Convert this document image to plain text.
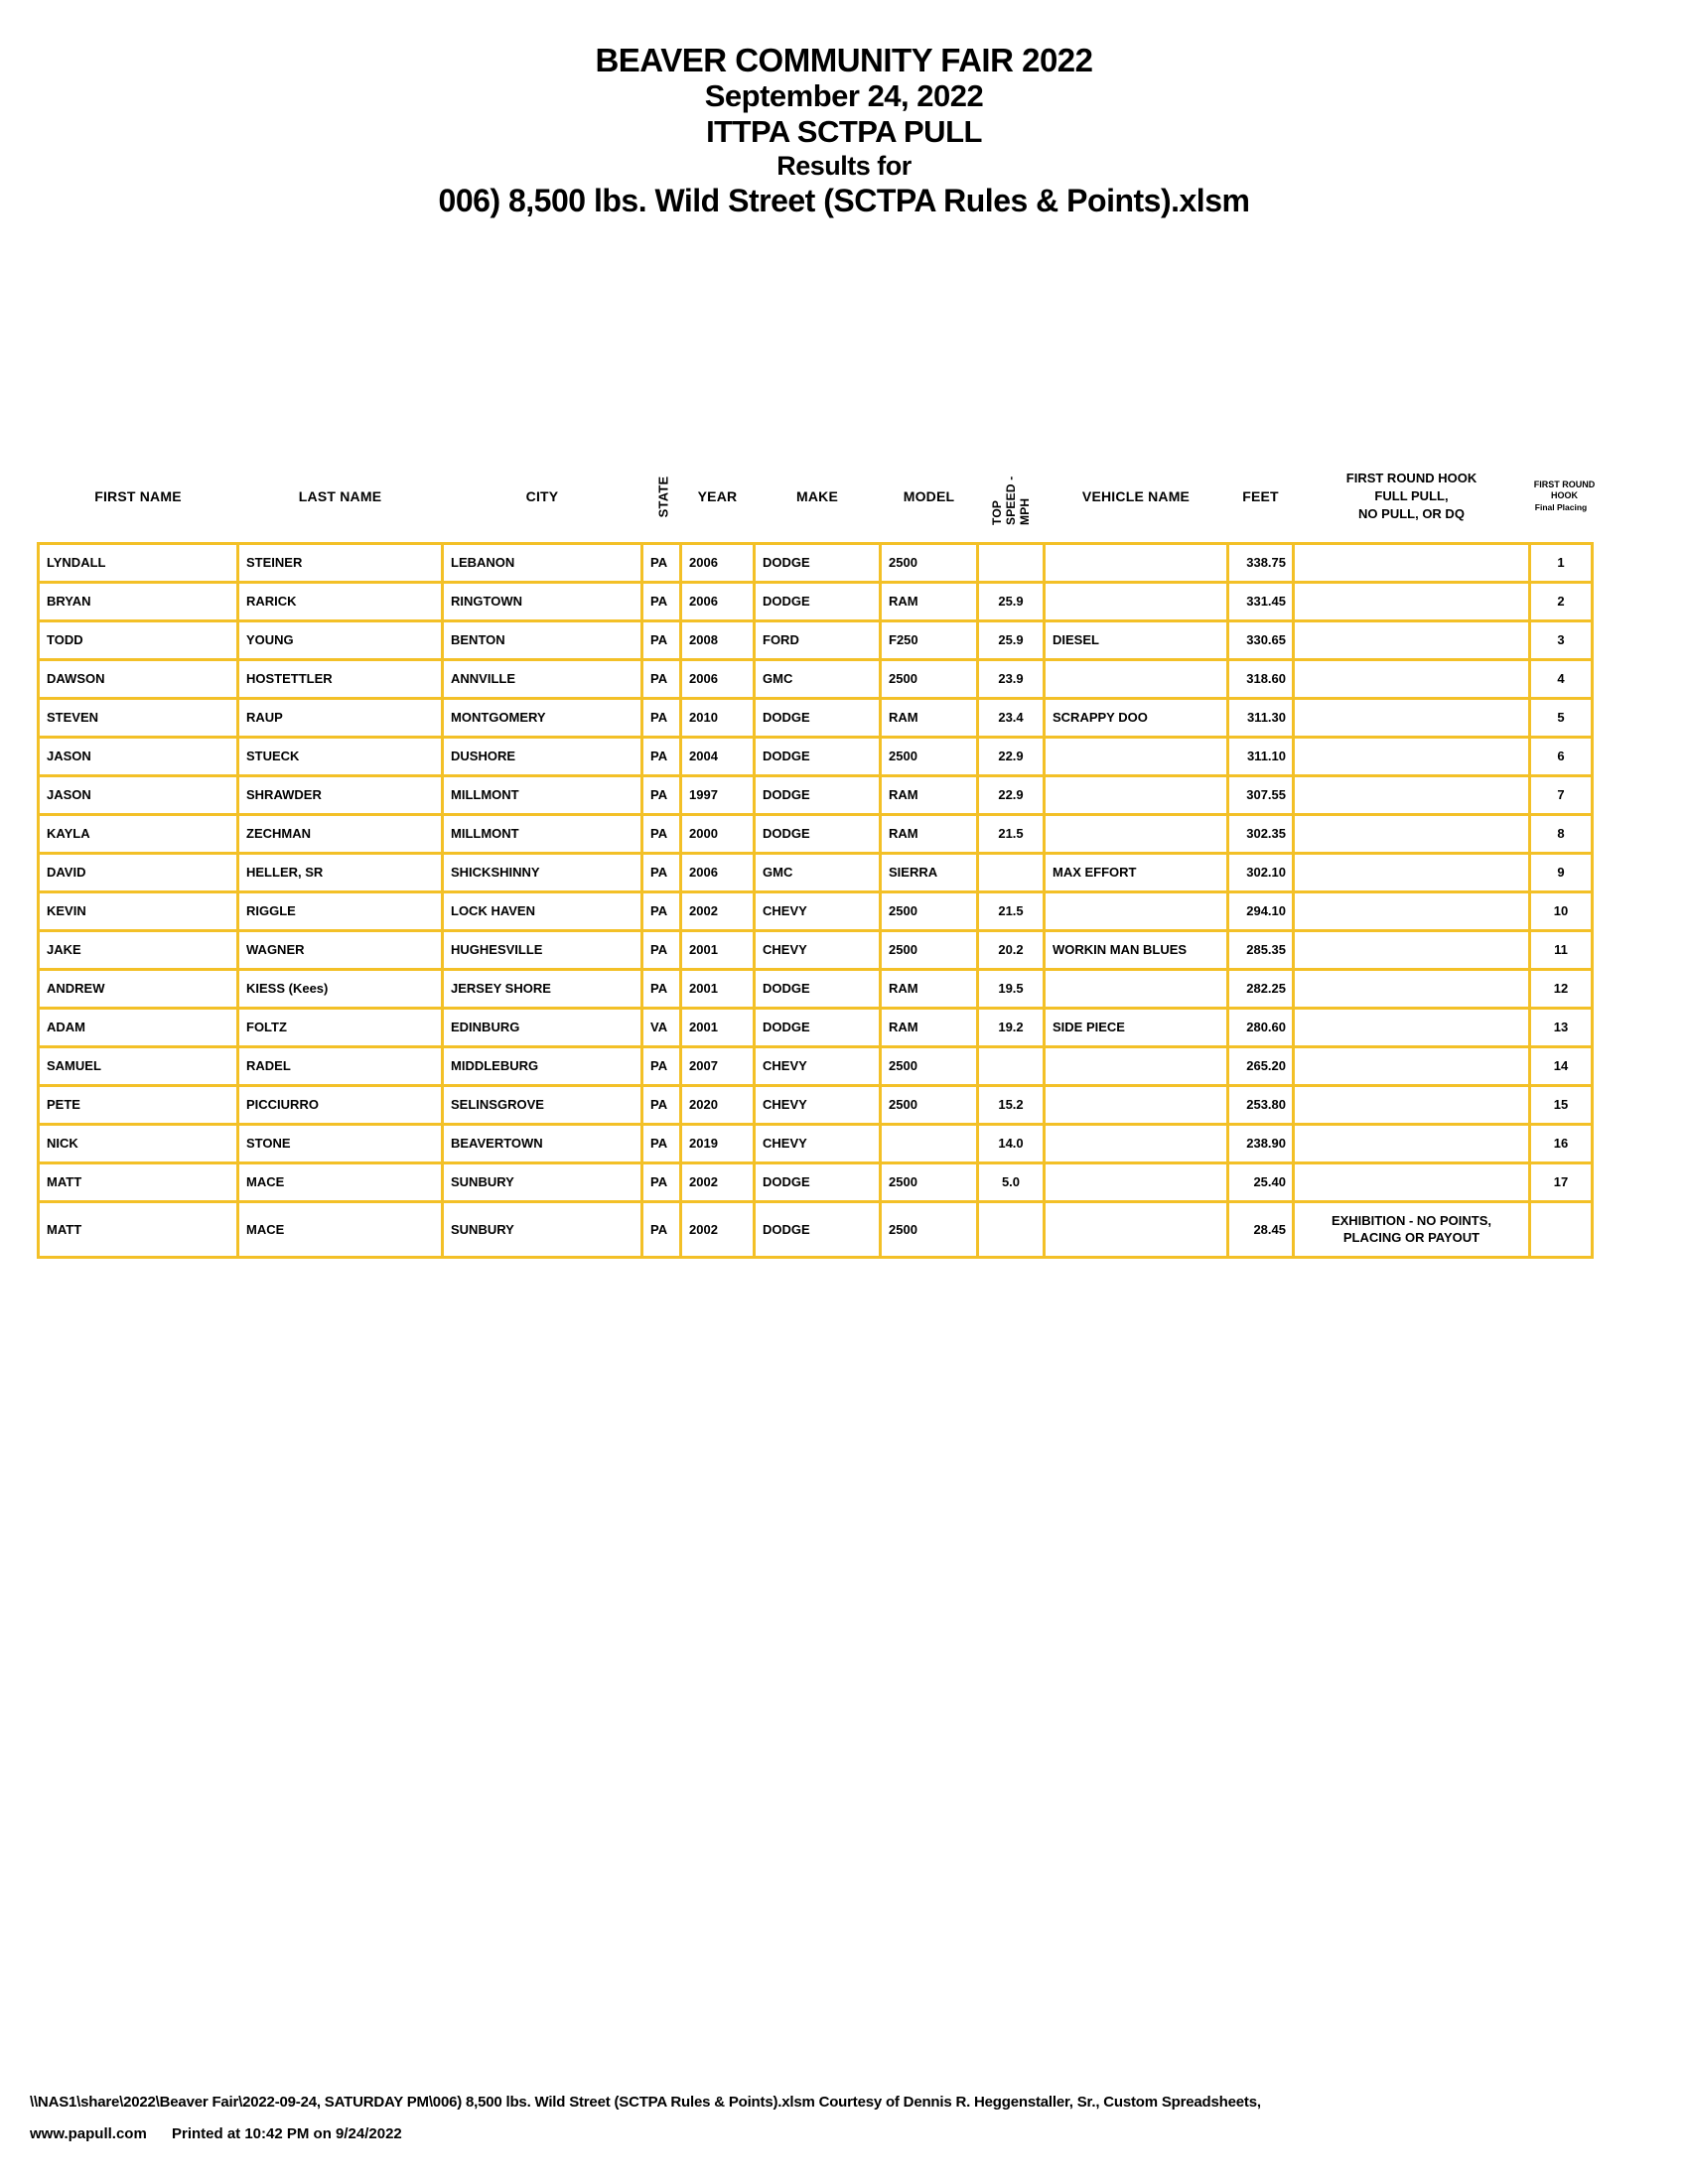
BEAVER COMMUNITY FAIR 2022
September 24, 2022
ITTPA SCTPA PULL
Results for
006) 8,500 lbs. Wild Street (SCTPA Rules & Points).xlsm
FIRST NAME	LAST NAME	CITY	STATE	YEAR	MAKE	MODEL	TOP SPEED - MPH	VEHICLE NAME	FEET	FIRST ROUND HOOK
FULL PULL,
NO PULL, OR DQ	FIRST ROUND HOOK
Final Placing

LYNDALL	STEINER	LEBANON	PA	2006	DODGE	2500			338.75		1
BRYAN	RARICK	RINGTOWN	PA	2006	DODGE	RAM	25.9		331.45		2
TODD	YOUNG	BENTON	PA	2008	FORD	F250	25.9	DIESEL	330.65		3
DAWSON	HOSTETTLER	ANNVILLE	PA	2006	GMC	2500	23.9		318.60		4
STEVEN	RAUP	MONTGOMERY	PA	2010	DODGE	RAM	23.4	SCRAPPY DOO	311.30		5
JASON	STUECK	DUSHORE	PA	2004	DODGE	2500	22.9		311.10		6
JASON	SHRAWDER	MILLMONT	PA	1997	DODGE	RAM	22.9		307.55		7
KAYLA	ZECHMAN	MILLMONT	PA	2000	DODGE	RAM	21.5		302.35		8
DAVID	HELLER, SR	SHICKSHINNY	PA	2006	GMC	SIERRA		MAX EFFORT	302.10		9
KEVIN	RIGGLE	LOCK HAVEN	PA	2002	CHEVY	2500	21.5		294.10		10
JAKE	WAGNER	HUGHESVILLE	PA	2001	CHEVY	2500	20.2	WORKIN MAN BLUES	285.35		11
ANDREW	KIESS (Kees)	JERSEY SHORE	PA	2001	DODGE	RAM	19.5		282.25		12
ADAM	FOLTZ	EDINBURG	VA	2001	DODGE	RAM	19.2	SIDE PIECE	280.60		13
SAMUEL	RADEL	MIDDLEBURG	PA	2007	CHEVY	2500			265.20		14
PETE	PICCIURRO	SELINSGROVE	PA	2020	CHEVY	2500	15.2		253.80		15
NICK	STONE	BEAVERTOWN	PA	2019	CHEVY		14.0		238.90		16
MATT	MACE	SUNBURY	PA	2002	DODGE	2500	5.0		25.40		17
MATT	MACE	SUNBURY	PA	2002	DODGE	2500			28.45	EXHIBITION - NO POINTS, PLACING OR PAYOUT	

\\NAS1\share\2022\Beaver Fair\2022-09-24, SATURDAY PM\006) 8,500 lbs. Wild Street (SCTPA Rules & Points).xlsm Courtesy of Dennis R. Heggenstaller, Sr., Custom Spreadsheets,
www.papull.com Printed at 10:42 PM on 9/24/2022
